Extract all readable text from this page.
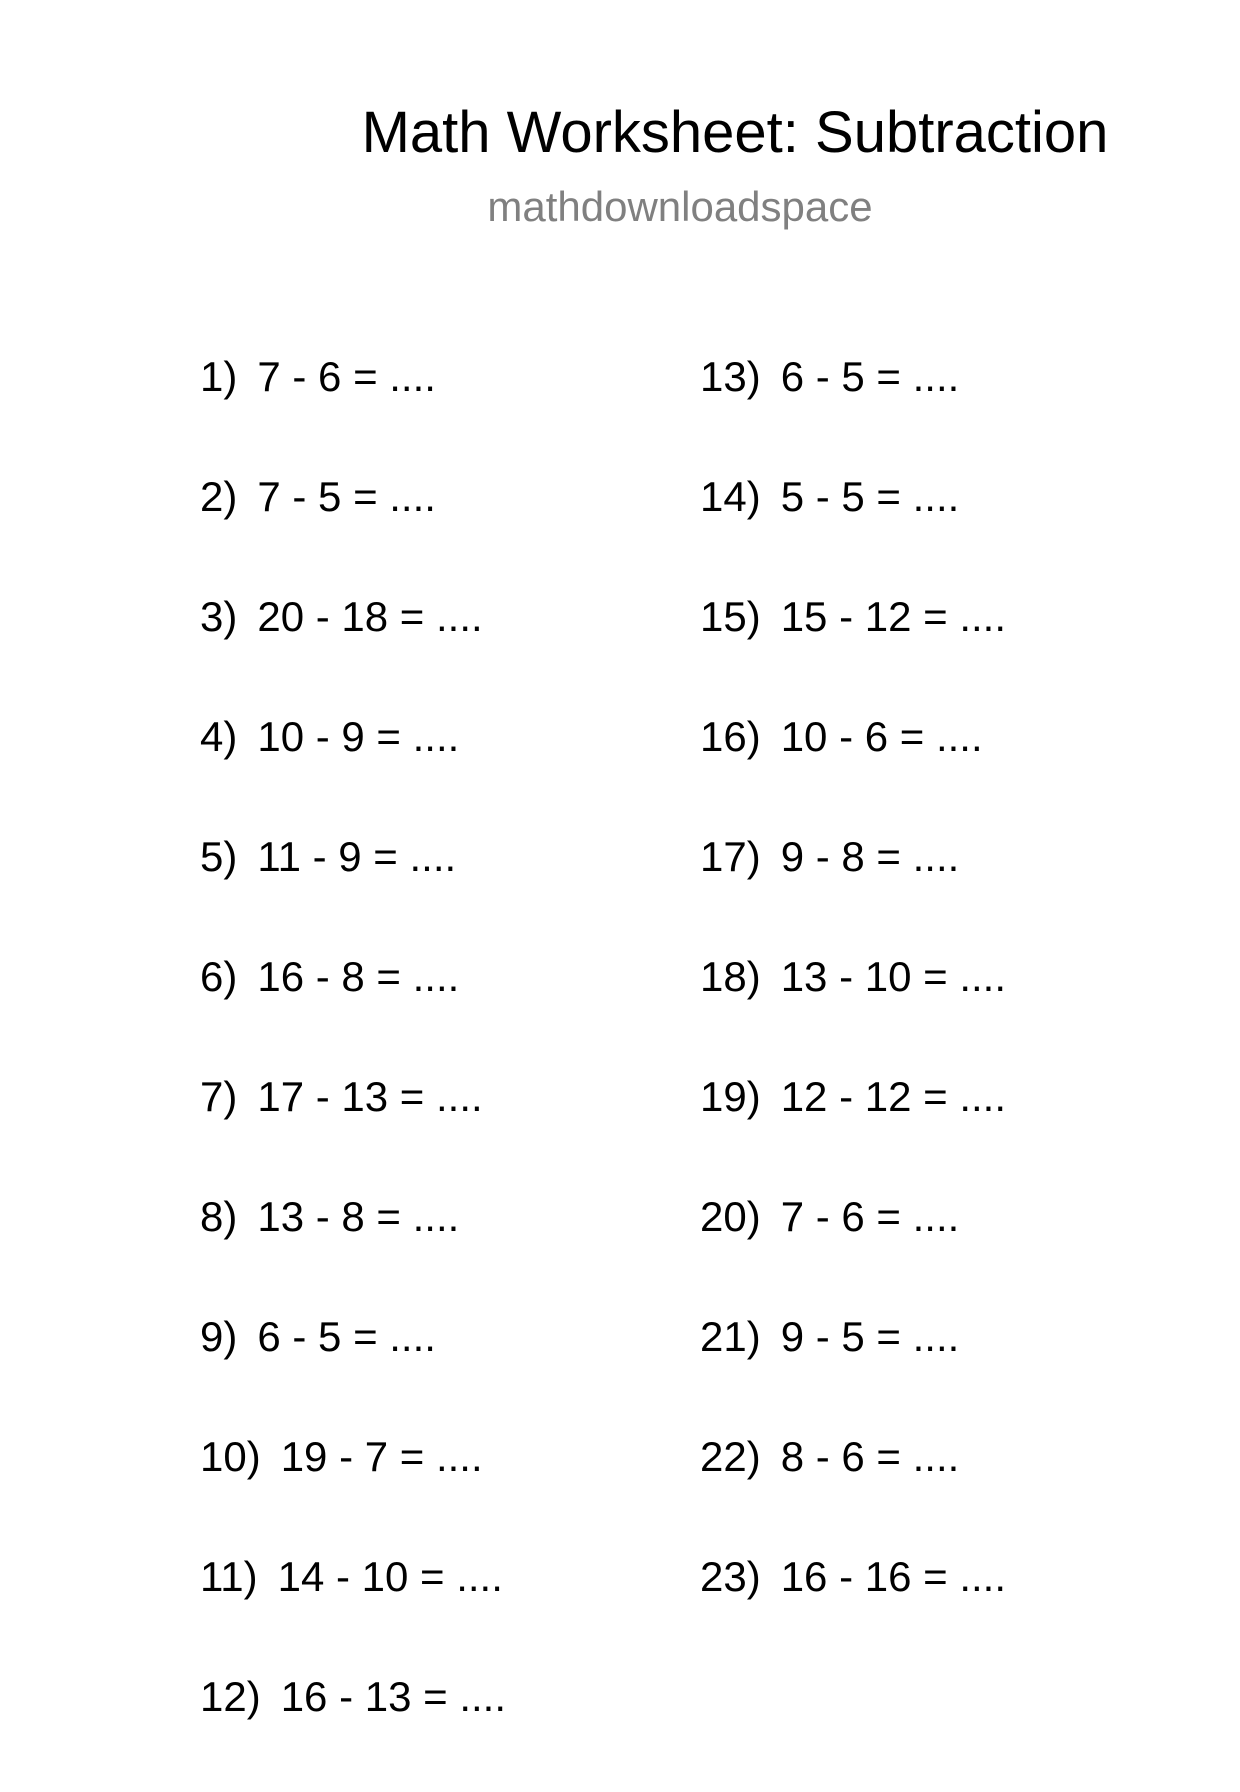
Math Worksheet: Subtraction
mathdownloadspace
1) 7 - 6 = ....
2) 7 - 5 = ....
3) 20 - 18 = ....
4) 10 - 9 = ....
5) 11 - 9 = ....
6) 16 - 8 = ....
7) 17 - 13 = ....
8) 13 - 8 = ....
9) 6 - 5 = ....
10) 19 - 7 = ....
11) 14 - 10 = ....
12) 16 - 13 = ....
13) 6 - 5 = ....
14) 5 - 5 = ....
15) 15 - 12 = ....
16) 10 - 6 = ....
17) 9 - 8 = ....
18) 13 - 10 = ....
19) 12 - 12 = ....
20) 7 - 6 = ....
21) 9 - 5 = ....
22) 8 - 6 = ....
23) 16 - 16 = ....
